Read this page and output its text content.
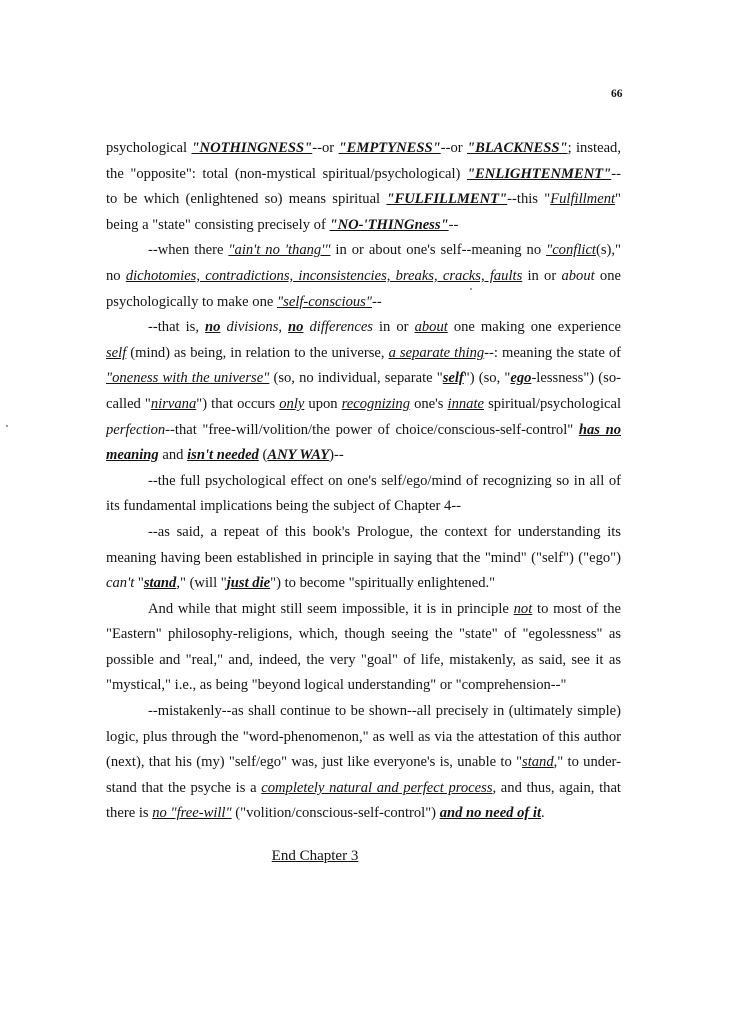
66
psychological "NOTHINGNESS"--or "EMPTYNESS"--or "BLACKNESS"; instead,
the "opposite": total (non-mystical spiritual/psychological) "ENLIGHTENMENT"--
to be which (enlightened so) means spiritual "FULFILLMENT"--this "Fulfillment"
being a "state" consisting precisely of "NO-'THINGness"--
--when there "ain't no 'thang'" in or about one's self--meaning no "conflict(s),"
no dichotomies, contradictions, inconsistencies, breaks, cracks, faults in or about one
psychologically to make one "self-conscious"--
--that is, no divisions, no differences in or about one making one experience
self (mind) as being, in relation to the universe, a separate thing--: meaning the state of
"oneness with the universe" (so, no individual, separate "self") (so, "ego-lessness") (so-
called "nirvana") that occurs only upon recognizing one's innate spiritual/psychological
perfection--that "free-will/volition/the power of choice/conscious-self-control" has no
meaning and isn't needed (ANY WAY)--
--the full psychological effect on one's self/ego/mind of recognizing so in all of
its fundamental implications being the subject of Chapter 4--
--as said, a repeat of this book's Prologue, the context for understanding its
meaning having been established in principle in saying that the "mind" ("self") ("ego")
can't "stand," (will "just die") to become "spiritually enlightened."
And while that might still seem impossible, it is in principle not to most of the
"Eastern" philosophy-religions, which, though seeing the "state" of "egolessness" as
possible and "real," and, indeed, the very "goal" of life, mistakenly, as said, see it as
"mystical," i.e., as being "beyond logical understanding" or "comprehension--"
--mistakenly--as shall continue to be shown--all precisely in (ultimately simple)
logic, plus through the "word-phenomenon," as well as via the attestation of this author
(next), that his (my) "self/ego" was, just like everyone's is, unable to "stand," to under-
stand that the psyche is a completely natural and perfect process, and thus, again, that
there is no "free-will" ("volition/conscious-self-control") and no need of it.
End Chapter 3
